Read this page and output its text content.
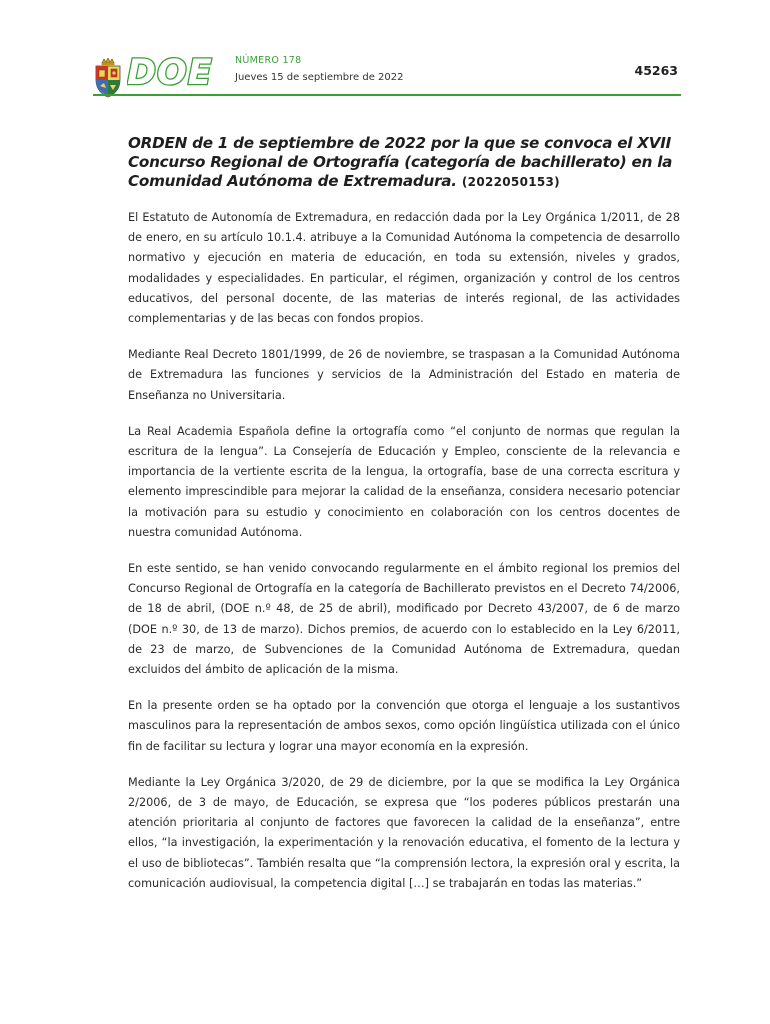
DOE NÚMERO 178
Jueves 15 de septiembre de 2022	45263
ORDEN de 1 de septiembre de 2022 por la que se convoca el XVII Concurso Regional de Ortografía (categoría de bachillerato) en la Comunidad Autónoma de Extremadura. (2022050153)

El Estatuto de Autonomía de Extremadura, en redacción dada por la Ley Orgánica 1/2011, de 28 de enero, en su artículo 10.1.4. atribuye a la Comunidad Autónoma la competencia de desarrollo normativo y ejecución en materia de educación, en toda su extensión, niveles y grados, modalidades y especialidades. En particular, el régimen, organización y control de los centros educativos, del personal docente, de las materias de interés regional, de las actividades complementarias y de las becas con fondos propios.

Mediante Real Decreto 1801/1999, de 26 de noviembre, se traspasan a la Comunidad Autónoma de Extremadura las funciones y servicios de la Administración del Estado en materia de Enseñanza no Universitaria.

La Real Academia Española define la ortografía como “el conjunto de normas que regulan la escritura de la lengua”. La Consejería de Educación y Empleo, consciente de la relevancia e importancia de la vertiente escrita de la lengua, la ortografía, base de una correcta escritura y elemento imprescindible para mejorar la calidad de la enseñanza, considera necesario potenciar la motivación para su estudio y conocimiento en colaboración con los centros docentes de nuestra comunidad Autónoma.

En este sentido, se han venido convocando regularmente en el ámbito regional los premios del Concurso Regional de Ortografía en la categoría de Bachillerato previstos en el Decreto 74/2006, de 18 de abril, (DOE n.º 48, de 25 de abril), modificado por Decreto 43/2007, de 6 de marzo (DOE n.º 30, de 13 de marzo). Dichos premios, de acuerdo con lo establecido en la Ley 6/2011, de 23 de marzo, de Subvenciones de la Comunidad Autónoma de Extremadura, quedan excluidos del ámbito de aplicación de la misma.

En la presente orden se ha optado por la convención que otorga el lenguaje a los sustantivos masculinos para la representación de ambos sexos, como opción lingüística utilizada con el único fin de facilitar su lectura y lograr una mayor economía en la expresión.

Mediante la Ley Orgánica 3/2020, de 29 de diciembre, por la que se modifica la Ley Orgánica 2/2006, de 3 de mayo, de Educación, se expresa que “los poderes públicos prestarán una atención prioritaria al conjunto de factores que favorecen la calidad de la enseñanza”, entre ellos, “la investigación, la experimentación y la renovación educativa, el fomento de la lectura y el uso de bibliotecas”. También resalta que “la comprensión lectora, la expresión oral y escrita, la comunicación audiovisual, la competencia digital […] se trabajarán en todas las materias.”
